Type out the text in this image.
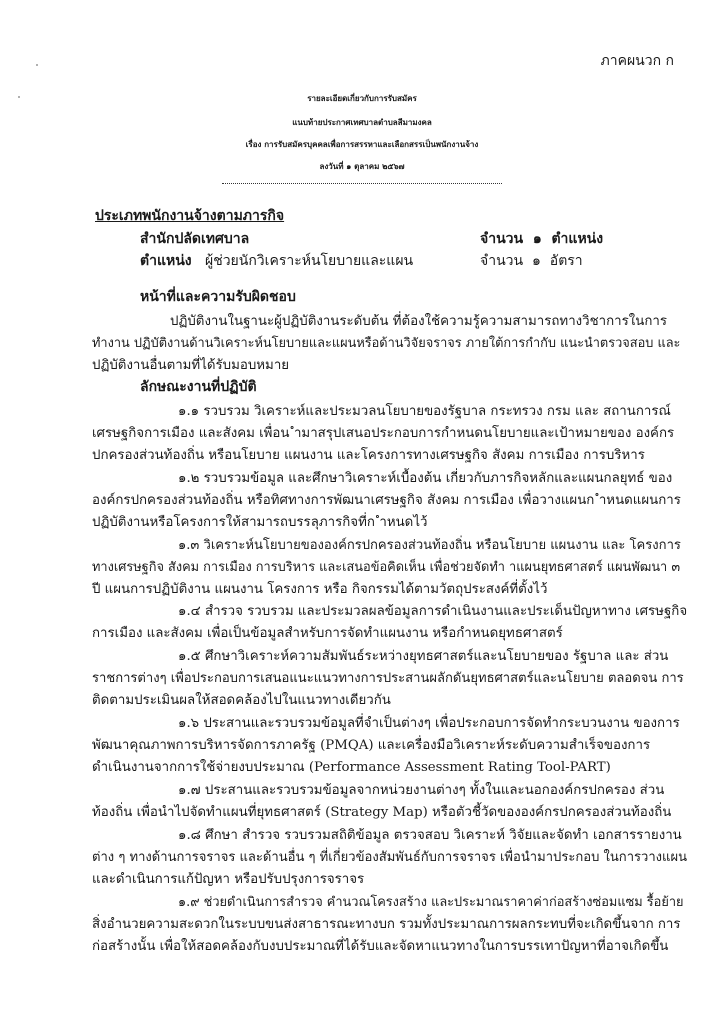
ภาคผนวก ก
รายละเอียดเกี่ยวกับการรับสมัคร
แนบท้ายประกาศเทศบาลตำบลสีมามงคล
เรื่อง การรับสมัครบุคคลเพื่อการสรรหาและเลือกสรรเป็นพนักงานจ้าง
ลงวันที่ ๑ ตุลาคม ๒๕๖๗
ประเภทพนักงานจ้างตามภารกิจ
สำนักปลัดเทศบาล	จำนวน ๑ ตำแหน่ง
ตำแหน่ง ผู้ช่วยนักวิเคราะห์นโยบายและแผน	จำนวน ๑ อัตรา
หน้าที่และความรับผิดชอบ
ปฏิบัติงานในฐานะผู้ปฏิบัติงานระดับต้น ที่ต้องใช้ความรู้ความสามารถทางวิชาการในการ
ทำงาน ปฏิบัติงานด้านวิเคราะห์นโยบายและแผนหรือด้านวิจัยจราจร ภายใต้การกำกับ แนะนำตรวจสอบ และ
ปฏิบัติงานอื่นตามที่ได้รับมอบหมาย
ลักษณะงานที่ปฏิบัติ
๑.๑ รวบรวม วิเคราะห์และประมวลนโยบายของรัฐบาล กระทรวง กรม และ สถานการณ์
เศรษฐกิจการเมือง และสังคม เพื่อน ำมาสรุปเสนอประกอบการกำหนดนโยบายและเป้าหมายของ องค์กร
ปกครองส่วนท้องถิ่น หรือนโยบาย แผนงาน และโครงการทางเศรษฐกิจ สังคม การเมือง การบริหาร
๑.๒ รวบรวมข้อมูล และศึกษาวิเคราะห์เบื้องต้น เกี่ยวกับภารกิจหลักและแผนกลยุทธ์ ของ
องค์กรปกครองส่วนท้องถิ่น หรือทิศทางการพัฒนาเศรษฐกิจ สังคม การเมือง เพื่อวางแผนก ำหนดแผนการ
ปฏิบัติงานหรือโครงการให้สามารถบรรลุภารกิจที่ก ำหนดไว้
๑.๓ วิเคราะห์นโยบายขององค์กรปกครองส่วนท้องถิ่น หรือนโยบาย แผนงาน และ โครงการ
ทางเศรษฐกิจ สังคม การเมือง การบริหาร และเสนอข้อคิดเห็น เพื่อช่วยจัดทำ าแผนยุทธศาสตร์ แผนพัฒนา ๓
ปี แผนการปฏิบัติงาน แผนงาน โครงการ หรือ กิจกรรมได้ตามวัตถุประสงค์ที่ตั้งไว้
๑.๔ สำรวจ รวบรวม และประมวลผลข้อมูลการดำเนินงานและประเด็นปัญหาทาง เศรษฐกิจ
การเมือง และสังคม เพื่อเป็นข้อมูลสำหรับการจัดทำแผนงาน หรือกำหนดยุทธศาสตร์
๑.๕ ศึกษาวิเคราะห์ความสัมพันธ์ระหว่างยุทธศาสตร์และนโยบายของ รัฐบาล และ ส่วน
ราชการต่างๆ เพื่อประกอบการเสนอแนะแนวทางการประสานผลักดันยุทธศาสตร์และนโยบาย ตลอดจน การ
ติดตามประเมินผลให้สอดคล้องไปในแนวทางเดียวกัน
๑.๖ ประสานและรวบรวมข้อมูลที่จำเป็นต่างๆ เพื่อประกอบการจัดทำกระบวนงาน ของการ
พัฒนาคุณภาพการบริหารจัดการภาครัฐ (PMQA) และเครื่องมือวิเคราะห์ระดับความสำเร็จของการ
ดำเนินงานจากการใช้จ่ายงบประมาณ (Performance Assessment Rating Tool-PART)
๑.๗ ประสานและรวบรวมข้อมูลจากหน่วยงานต่างๆ ทั้งในและนอกองค์กรปกครอง ส่วน
ท้องถิ่น เพื่อนำไปจัดทำแผนที่ยุทธศาสตร์ (Strategy Map) หรือตัวชี้วัดขององค์กรปกครองส่วนท้องถิ่น
๑.๘ ศึกษา สำรวจ รวบรวมสถิติข้อมูล ตรวจสอบ วิเคราะห์ วิจัยและจัดทำ เอกสารรายงาน
ต่าง ๆ ทางด้านการจราจร และด้านอื่น ๆ ที่เกี่ยวข้องสัมพันธ์กับการจราจร เพื่อนำมาประกอบ ในการวางแผน
และดำเนินการแก้ปัญหา หรือปรับปรุงการจราจร
๑.๙ ช่วยดำเนินการสำรวจ คำนวณโครงสร้าง และประมาณราคาค่าก่อสร้างซ่อมแซม รื้อย้าย
สิ่งอำนวยความสะดวกในระบบขนส่งสาธารณะทางบก รวมทั้งประมาณการผลกระทบที่จะเกิดขึ้นจาก การ
ก่อสร้างนั้น เพื่อให้สอดคล้องกับงบประมาณที่ได้รับและจัดหาแนวทางในการบรรเทาปัญหาที่อาจเกิดขึ้น
